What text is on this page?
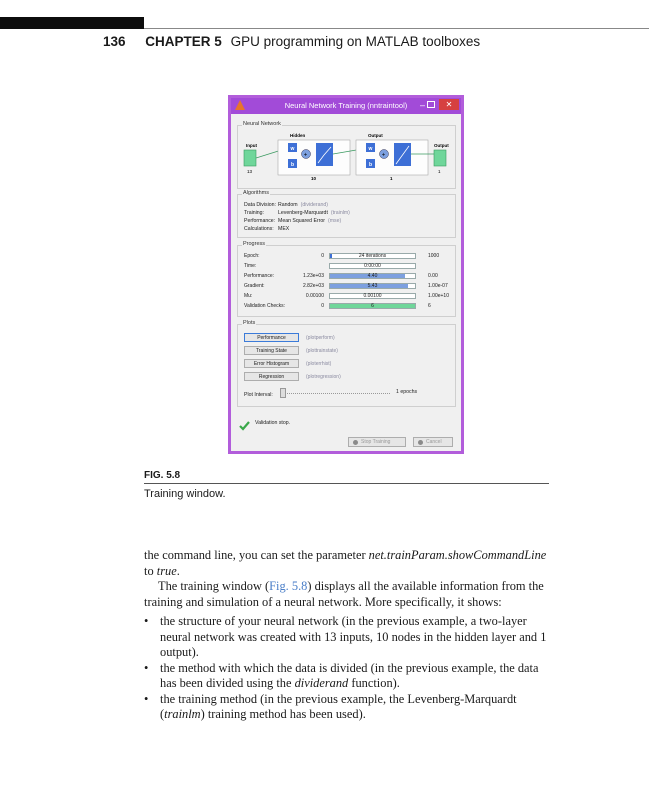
136 CHAPTER 5 GPU programming on MATLAB toolboxes
Neural Network Training (nntraintool)	–	✕
Neural Network
Hidden	Output
Input	Output
13
w
b
+
10
w
b
+
1
1
Algorithms
Data Division: Random (dividerand)
Training:	Levenberg-Marquardt (trainlm)
Performance: Mean Squared Error (mse)
Calculations: MEX
Progress
Epoch:	0	24 iterations	1000
Time:	0:00:00
Performance:	1.23e+03	4.40	0.00
Gradient:	2.82e+03	5.43	1.00e-07
Mu:	0.00100	0.00100	1.00e+10
Validation Checks:	0	6	6
Plots
Performance	(plotperform)
Training State	(plottrainstate)
Error Histogram	(ploterrhist)
Regression	(plotregression)
Plot Interval:	1 epochs
Validation stop.
Stop Training	Cancel
FIG. 5.8
Training window.

the command line, you can set the parameter net.trainParam.showCommandLine to true.

The training window (Fig. 5.8) displays all the available information from the training and simulation of a neural network. More specifically, it shows:

• the structure of your neural network (in the previous example, a two-layer neural network was created with 13 inputs, 10 nodes in the hidden layer and 1 output).

• the method with which the data is divided (in the previous example, the data has been divided using the dividerand function).

• the training method (in the previous example, the Levenberg-Marquardt (trainlm) training method has been used).
